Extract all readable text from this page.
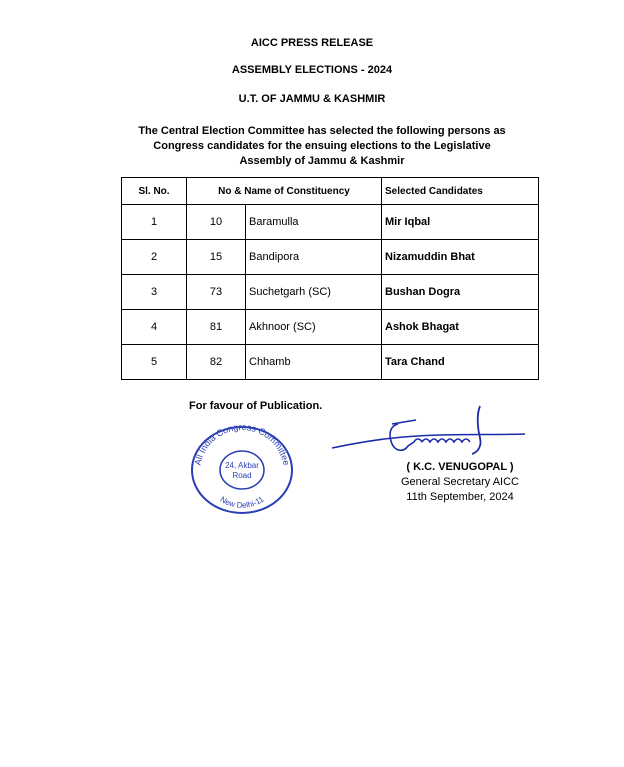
AICC PRESS RELEASE
ASSEMBLY ELECTIONS - 2024
U.T. OF JAMMU & KASHMIR
The Central Election Committee has selected the following persons as
Congress candidates for the ensuing elections to the Legislative
Assembly of Jammu & Kashmir
Sl. No.	No & Name of Constituency		Selected Candidates
1	10	Baramulla	Mir Iqbal
2	15	Bandipora	Nizamuddin Bhat
3	73	Suchetgarh (SC)	Bushan Dogra
4	81	Akhnoor (SC)	Ashok Bhagat
5	82	Chhamb	Tara Chand
For favour of Publication.
All India Congress Committee
New Delhi-11
24, Akbar
Road
( K.C. VENUGOPAL )
General Secretary AICC
11th September, 2024
